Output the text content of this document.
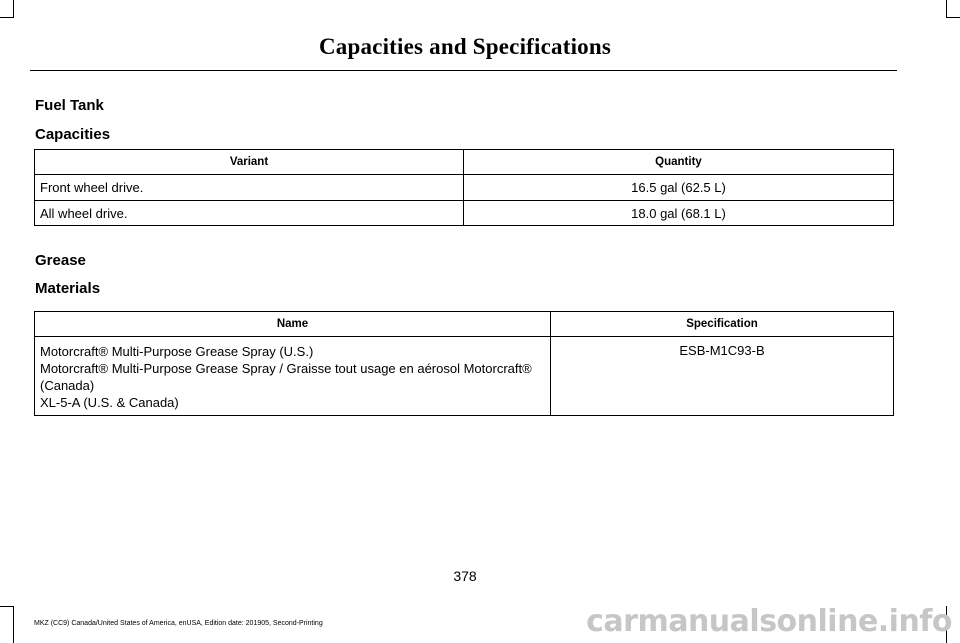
Capacities and Specifications
Fuel Tank
Capacities
Variant	Quantity
Front wheel drive.	16.5 gal (62.5 L)
All wheel drive.	18.0 gal (68.1 L)
Grease
Materials
Name	Specification

Motorcraft® Multi-Purpose Grease Spray (U.S.)
Motorcraft® Multi-Purpose Grease Spray / Graisse tout usage en aérosol Motorcraft®
(Canada)
XL-5-A (U.S. & Canada)	ESB-M1C93-B
378
MKZ (CC9) Canada/United States of America, enUSA, Edition date: 201905, Second-Printing	carmanualsonline.info
